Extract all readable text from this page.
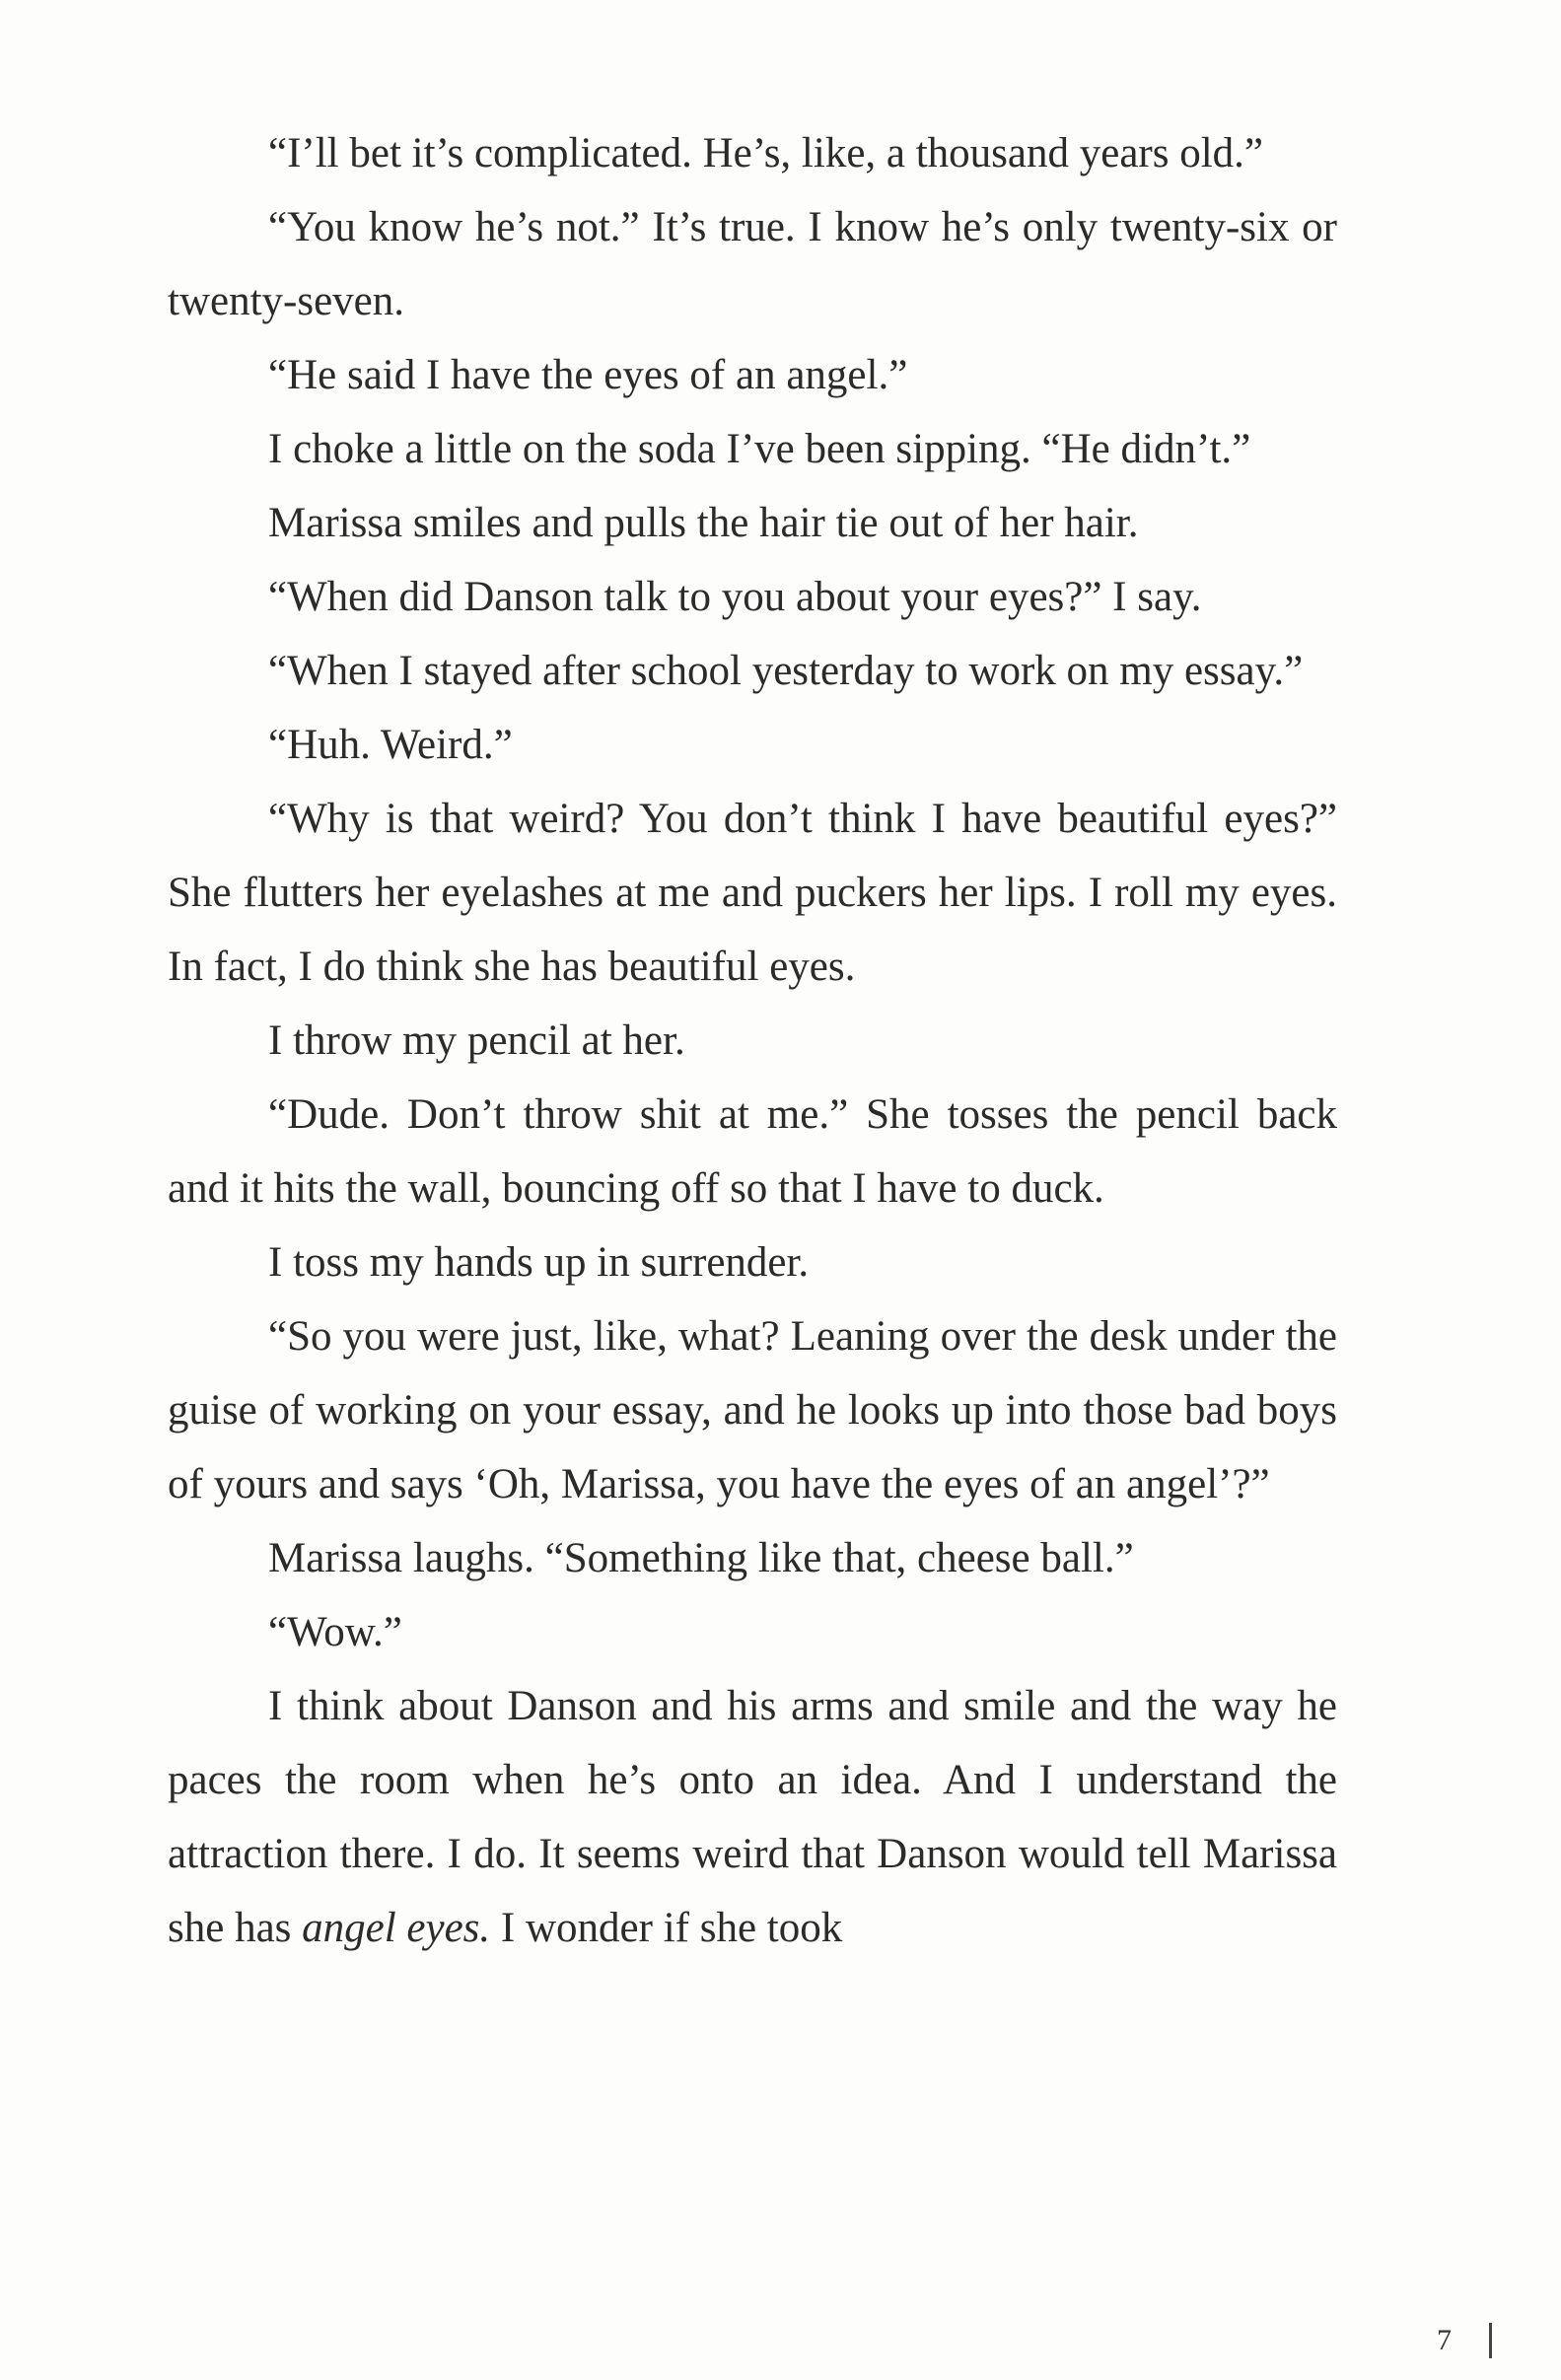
“I’ll bet it’s complicated. He’s, like, a thousand years old.”

“You know he’s not.” It’s true. I know he’s only twenty-six or twenty-seven.

“He said I have the eyes of an angel.”

I choke a little on the soda I’ve been sipping. “He didn’t.”

Marissa smiles and pulls the hair tie out of her hair.

“When did Danson talk to you about your eyes?” I say.

“When I stayed after school yesterday to work on my essay.”

“Huh. Weird.”

“Why is that weird? You don’t think I have beautiful eyes?” She flutters her eyelashes at me and puckers her lips. I roll my eyes. In fact, I do think she has beautiful eyes.

I throw my pencil at her.

“Dude. Don’t throw shit at me.” She tosses the pencil back and it hits the wall, bouncing off so that I have to duck.

I toss my hands up in surrender.

“So you were just, like, what? Leaning over the desk under the guise of working on your essay, and he looks up into those bad boys of yours and says ‘Oh, Marissa, you have the eyes of an angel’?”

Marissa laughs. “Something like that, cheese ball.”

“Wow.”

I think about Danson and his arms and smile and the way he paces the room when he’s onto an idea. And I understand the attraction there. I do. It seems weird that Danson would tell Marissa she has angel eyes. I wonder if she took

7
